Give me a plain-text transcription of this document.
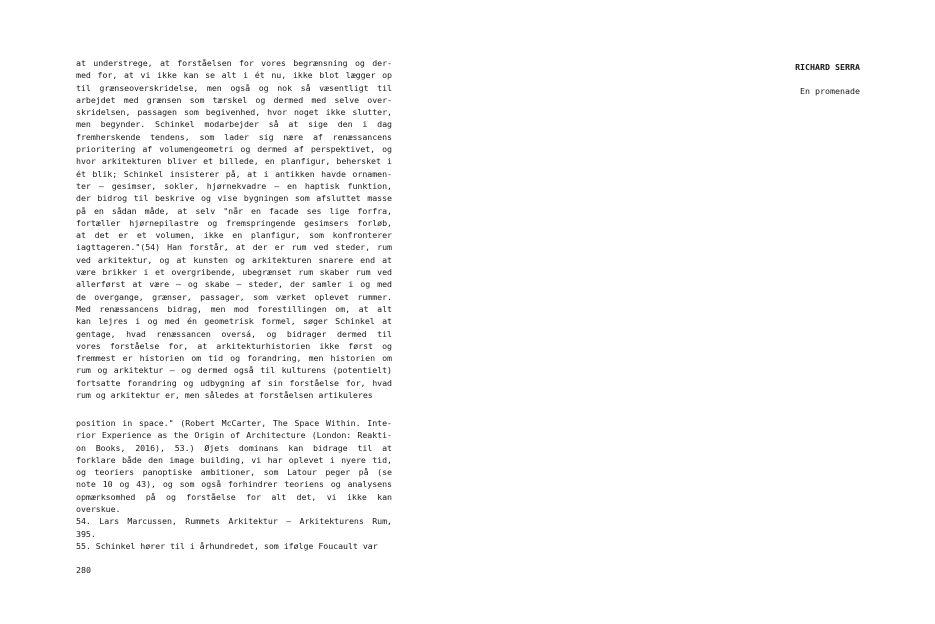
RICHARD SERRA
En promenade
at understrege, at forståelsen for vores begrænsning og der-
med for, at vi ikke kan se alt i ét nu, ikke blot lægger op
til grænseoverskridelse, men også og nok så væsentligt til
arbejdet med grænsen som tærskel og dermed med selve over-
skridelsen, passagen som begivenhed, hvor noget ikke slutter,
men begynder. Schinkel modarbejder så at sige den i dag
fremherskende tendens, som lader sig nære af renæssancens
prioritering af volumengeometri og dermed af perspektivet, og
hvor arkitekturen bliver et billede, en planfigur, behersket i
ét blik; Schinkel insisterer på, at i antikken havde ornamen-
ter — gesimser, sokler, hjørnekvadre — en haptisk funktion,
der bidrog til beskrive og vise bygningen som afsluttet masse
på en sådan måde, at selv "når en facade ses lige forfra,
fortæller hjørnepilastre og fremspringende gesimsers forløb,
at det er et volumen, ikke en planfigur, som konfronterer
iagttageren."(54) Han forstår, at der er rum ved steder, rum
ved arkitektur, og at kunsten og arkitekturen snarere end at
være brikker i et overgribende, ubegrænset rum skaber rum ved
allerførst at være — og skabe — steder, der samler i og med
de overgange, grænser, passager, som værket oplevet rummer.
Med renæssancens bidrag, men mod forestillingen om, at alt
kan lejres i og med én geometrisk formel, søger Schinkel at
gentage, hvad renæssancen oversá, og bidrager dermed til
vores forståelse for, at arkitekturhistorien ikke først og
fremmest er historien om tid og forandring, men historien om
rum og arkitektur — og dermed også til kulturens (potentielt)
fortsatte forandring og udbygning af sin forståelse for, hvad
rum og arkitektur er, men således at forståelsen artikuleres
position in space." (Robert McCarter, The Space Within. Inte-
rior Experience as the Origin of Architecture (London: Reakti-
on Books, 2016), 53.) Øjets dominans kan bidrage til at
forklare både den image building, vi har oplevet i nyere tid,
og teoriers panoptiske ambitioner, som Latour peger på (se
note 10 og 43), og som også forhindrer teoriens og analysens
opmærksomhed på og forståelse for alt det, vi ikke kan
overskue.
54. Lars Marcussen, Rummets Arkitektur — Arkitekturens Rum,
395.
55. Schinkel hører til i århundredet, som ifølge Foucault var
280
